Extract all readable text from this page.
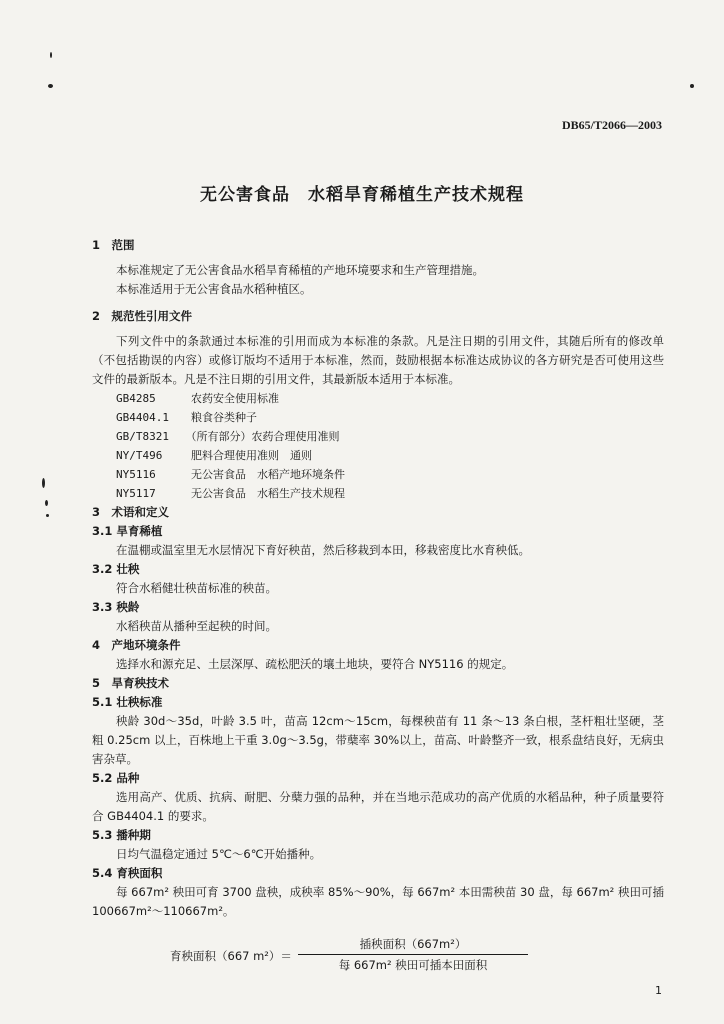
DB65/T2066—2003
无公害食品　水稻旱育稀植生产技术规程

1　范围

本标准规定了无公害食品水稻旱育稀植的产地环境要求和生产管理措施。

本标准适用于无公害食品水稻种植区。

2　规范性引用文件

下列文件中的条款通过本标准的引用而成为本标准的条款。凡是注日期的引用文件，其随后所有的修改单（不包括勘误的内容）或修订版均不适用于本标准，然而，鼓励根据本标准达成协议的各方研究是否可使用这些文件的最新版本。凡是不注日期的引用文件，其最新版本适用于本标准。

GB4285　	农药安全使用标准

GB4404.1　 粮食谷类种子

GB/T8321　 （所有部分）农药合理使用准则

NY/T496　	肥料合理使用准则　通则

NY5116　	无公害食品　水稻产地环境条件

NY5117　	无公害食品　水稻生产技术规程

3　术语和定义

3.1 旱育稀植

在温棚或温室里无水层情况下育好秧苗，然后移栽到本田，移栽密度比水育秧低。

3.2 壮秧

符合水稻健壮秧苗标准的秧苗。

3.3 秧龄

水稻秧苗从播种至起秧的时间。

4　产地环境条件

选择水和源充足、土层深厚、疏松肥沃的壤土地块，要符合 NY5116 的规定。

5　旱育秧技术

5.1 壮秧标准

秧龄 30d～35d，叶龄 3.5 叶，苗高 12cm～15cm，每棵秧苗有 11 条～13 条白根，茎杆粗壮坚硬，茎粗 0.25cm 以上，百株地上干重 3.0g～3.5g，带蘖率 30%以上，苗高、叶龄整齐一致，根系盘结良好，无病虫害杂草。

5.2 品种

选用高产、优质、抗病、耐肥、分蘖力强的品种，并在当地示范成功的高产优质的水稻品种，种子质量要符合 GB4404.1 的要求。

5.3 播种期

日均气温稳定通过 5℃～6℃开始播种。

5.4 育秧面积

每 667m² 秧田可育 3700 盘秧，成秧率 85%～90%，每 667m² 本田需秧苗 30 盘，每 667m² 秧田可插 100667m²～110667m²。

育秧面积（667 m²）＝
插秧面积（667m²）
每 667m² 秧田可插本田面积
1
